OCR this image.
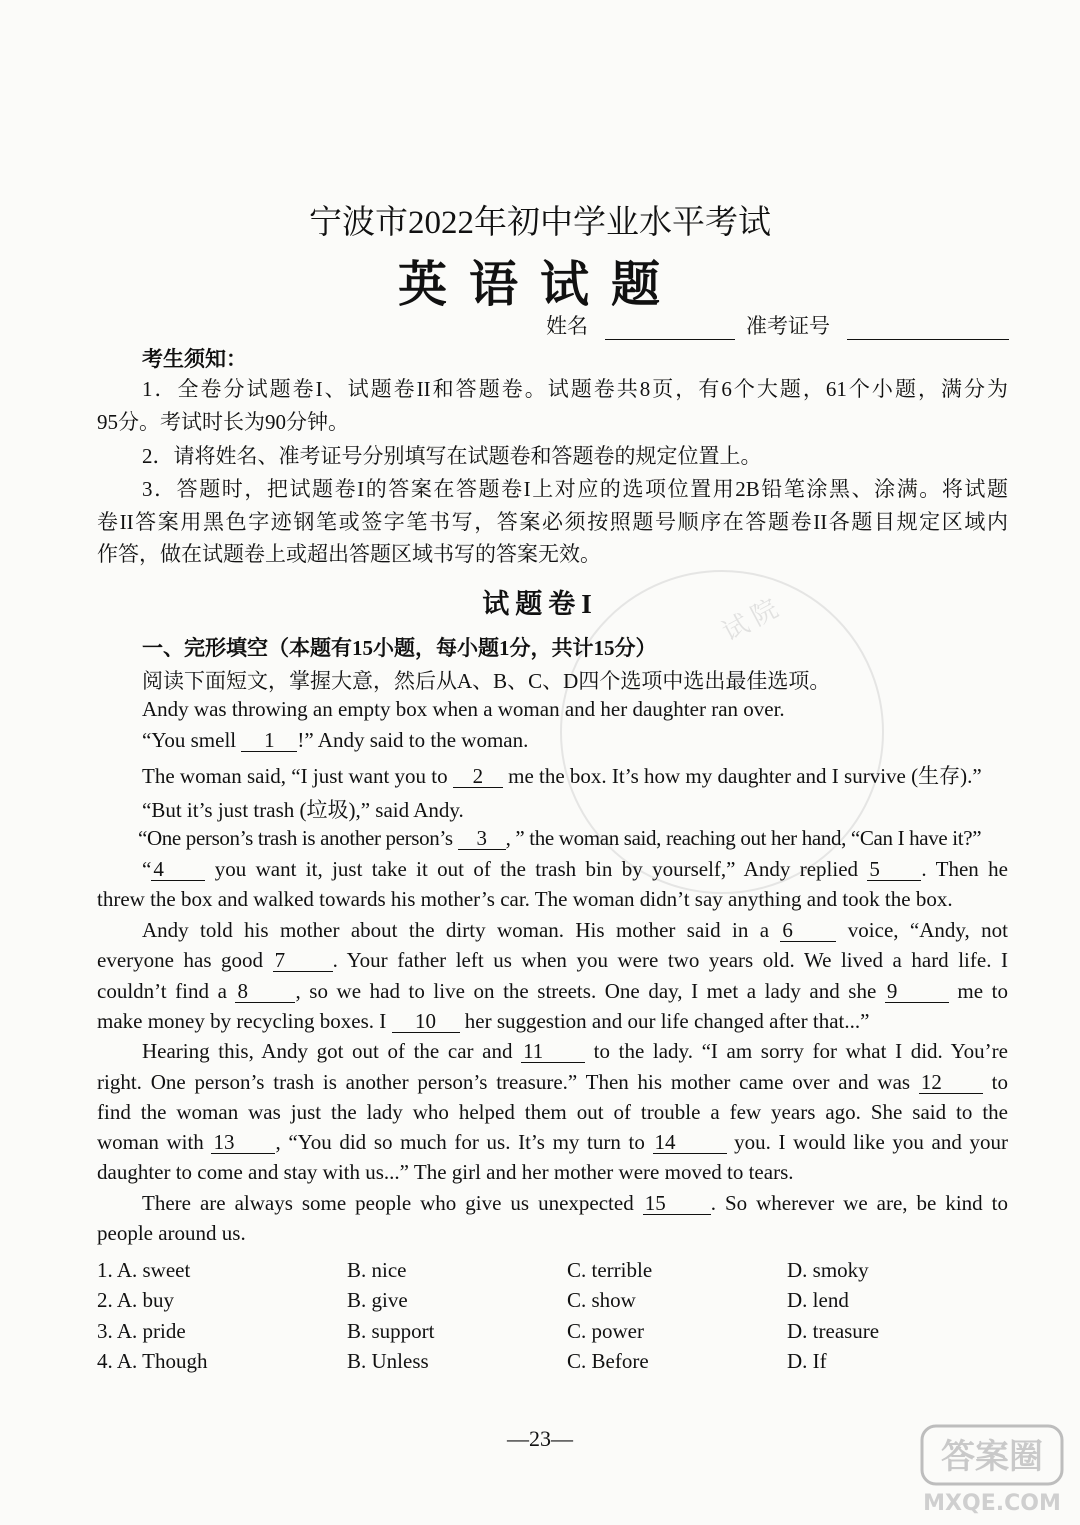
试 院
宁波市2022年初中学业水平考试
英语试题
姓名	准考证号
考生须知：
1．全卷分试题卷I、试题卷II和答题卷。试题卷共8页，有6个大题，61个小题，满分为
95分。考试时长为90分钟。
2．请将姓名、准考证号分别填写在试题卷和答题卷的规定位置上。
3．答题时，把试题卷I的答案在答题卷I上对应的选项位置用2B铅笔涂黑、涂满。将试题
卷II答案用黑色字迹钢笔或签字笔书写，答案必须按照题号顺序在答题卷II各题目规定区域内
作答，做在试题卷上或超出答题区域书写的答案无效。
试题卷I
一、完形填空（本题有15小题，每小题1分，共计15分）
阅读下面短文，掌握大意，然后从A、B、C、D四个选项中选出最佳选项。
Andy was throwing an empty box when a woman and her daughter ran over.
“You smell 1 !” Andy said to the woman.
The woman said, “I just want you to 2 me the box. It’s how my daughter and I survive (生存).”
“But it’s just trash (垃圾),” said Andy.
“One person’s trash is another person’s 3 , ” the woman said, reaching out her hand, “Can I have it?”
“4 you want it, just take it out of the trash bin by yourself,” Andy replied 5 . Then he
threw the box and walked towards his mother’s car. The woman didn’t say anything and took the box.
Andy told his mother about the dirty woman. His mother said in a 6 voice, “Andy, not
everyone has good 7 . Your father left us when you were two years old. We lived a hard life. I
couldn’t find a 8 , so we had to live on the streets. One day, I met a lady and she 9 me to
make money by recycling boxes. I 10 her suggestion and our life changed after that...”
Hearing this, Andy got out of the car and 11 to the lady. “I am sorry for what I did. You’re
right. One person’s trash is another person’s treasure.” Then his mother came over and was 12 to
find the woman was just the lady who helped them out of trouble a few years ago. She said to the
woman with 13 , “You did so much for us. It’s my turn to 14 you. I would like you and your
daughter to come and stay with us...” The girl and her mother were moved to tears.
There are always some people who give us unexpected 15 . So wherever we are, be kind to
people around us.
1. A. sweet	B. nice	C. terrible	D. smoky
2. A. buy	B. give	C. show	D. lend
3. A. pride	B. support	C. power	D. treasure
4. A. Though	B. Unless	C. Before	D. If
—23—	答案圈
MXQE.COM
